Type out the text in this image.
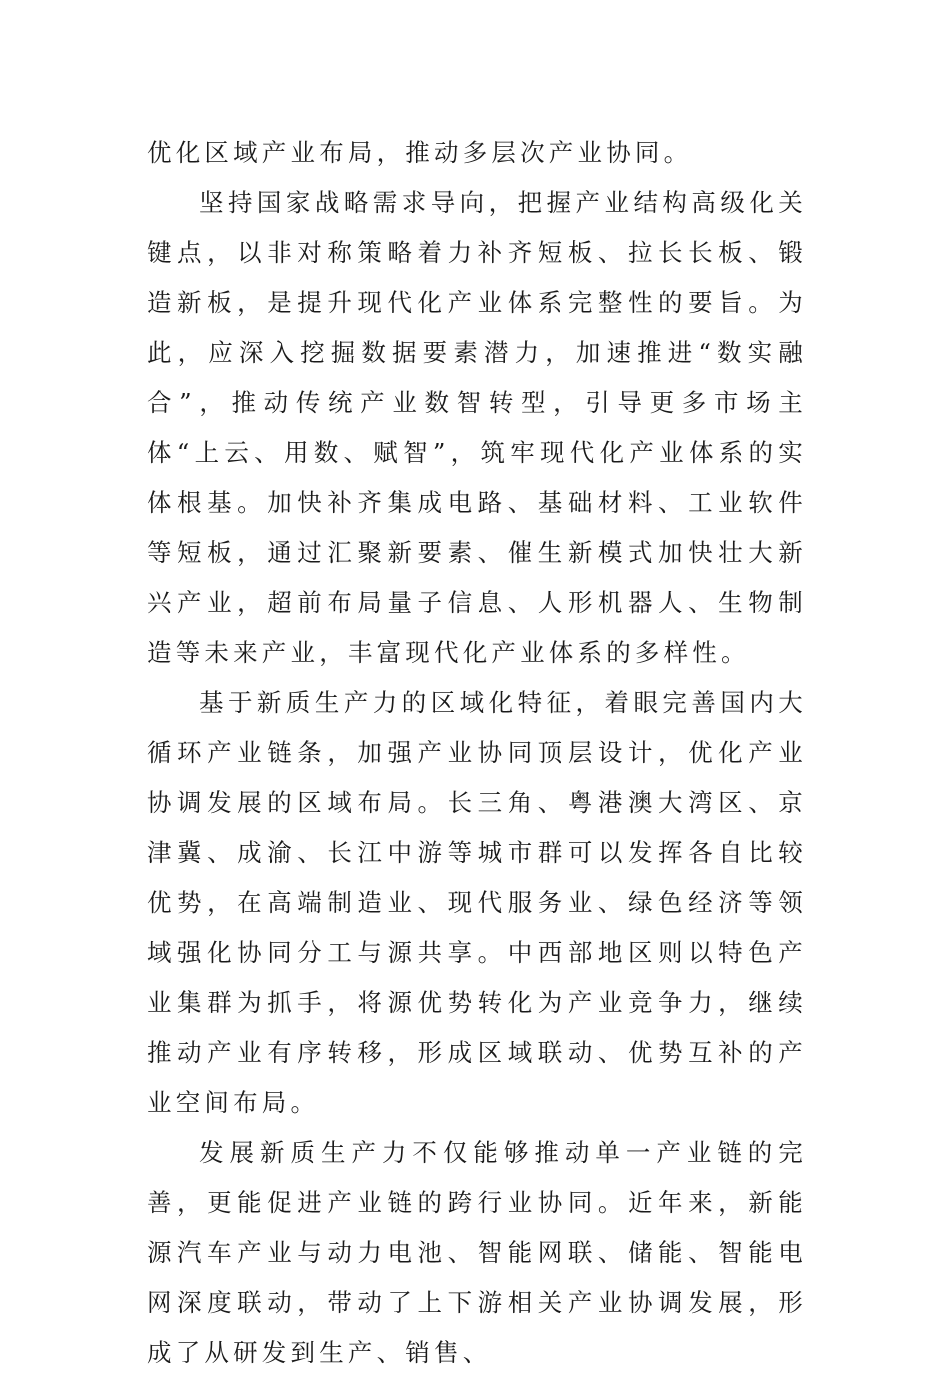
优化区域产业布局，推动多层次产业协同。

坚持国家战略需求导向，把握产业结构高级化关键点，以非对称策略着力补齐短板、拉长长板、锻造新板，是提升现代化产业体系完整性的要旨。为此，应深入挖掘数据要素潜力，加速推进“数实融合”，推动传统产业数智转型，引导更多市场主体“上云、用数、赋智”，筑牢现代化产业体系的实体根基。加快补齐集成电路、基础材料、工业软件等短板，通过汇聚新要素、催生新模式加快壮大新兴产业，超前布局量子信息、人形机器人、生物制造等未来产业，丰富现代化产业体系的多样性。

基于新质生产力的区域化特征，着眼完善国内大循环产业链条，加强产业协同顶层设计，优化产业协调发展的区域布局。长三角、粤港澳大湾区、京津冀、成渝、长江中游等城市群可以发挥各自比较优势，在高端制造业、现代服务业、绿色经济等领域强化协同分工与源共享。中西部地区则以特色产业集群为抓手，将源优势转化为产业竞争力，继续推动产业有序转移，形成区域联动、优势互补的产业空间布局。

发展新质生产力不仅能够推动单一产业链的完善，更能促进产业链的跨行业协同。近年来，新能源汽车产业与动力电池、智能网联、储能、智能电网深度联动，带动了上下游相关产业协调发展，形成了从研发到生产、销售、
